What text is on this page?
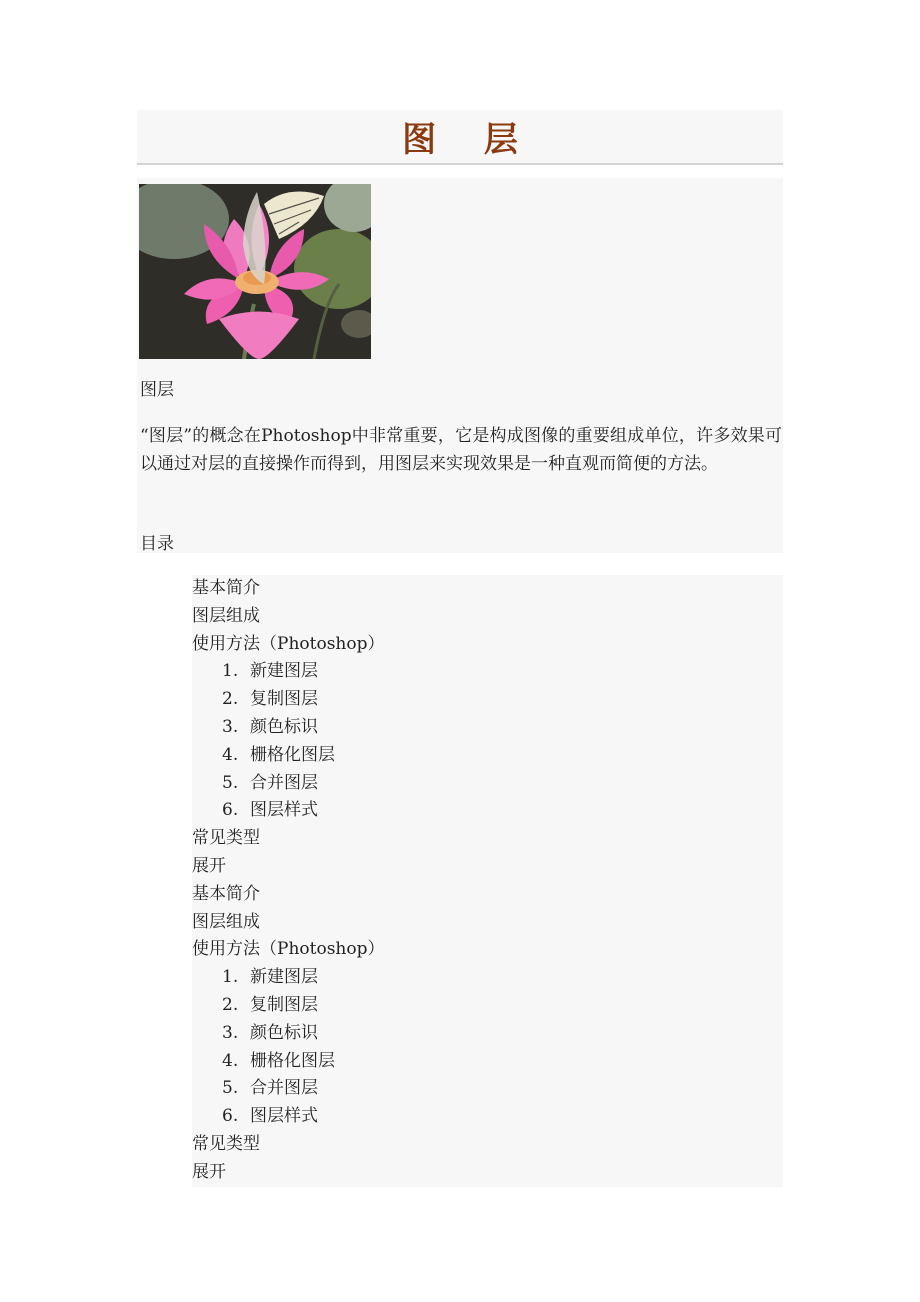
图 层

图层

“图层”的概念在Photoshop中非常重要，它是构成图像的重要组成单位，许多效果可以通过对层的直接操作而得到，用图层来实现效果是一种直观而简便的方法。

目录

基本简介
图层组成
使用方法（Photoshop）
1. 新建图层
2. 复制图层
3. 颜色标识
4. 栅格化图层
5. 合并图层
6. 图层样式
常见类型
展开
基本简介
图层组成
使用方法（Photoshop）
1. 新建图层
2. 复制图层
3. 颜色标识
4. 栅格化图层
5. 合并图层
6. 图层样式
常见类型
展开
